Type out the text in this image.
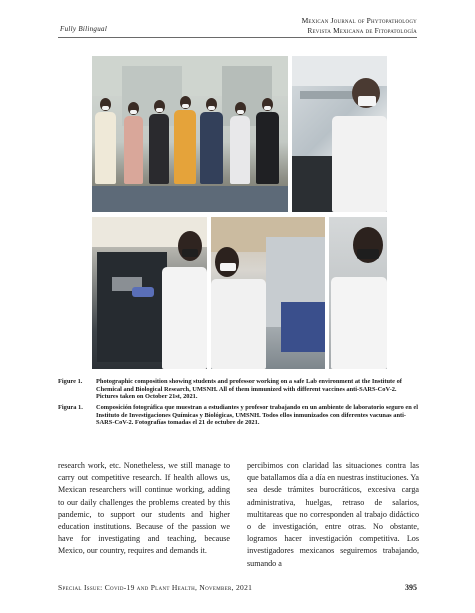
Fully Bilingual
Mexican Journal of Phytopathology
Revista Mexicana de Fitopatología
Figure 1.	Photographic composition showing students and professor working on a safe Lab environment at the Institute of Chemical and Biological Research, UMSNH. All of them immunized with different vaccines anti-SARS-CoV-2. Pictures taken on October 21st, 2021.
Figura 1.	Composición fotográfica que muestran a estudiantes y profesor trabajando en un ambiente de laboratorio seguro en el Instituto de Investigaciones Químicas y Biológicas, UMSNH. Todos ellos inmunizados con diferentes vacunas anti-SARS-CoV-2. Fotografías tomadas el 21 de octubre de 2021.

research work, etc. Nonetheless, we still manage to carry out competitive research. If health allows us, Mexican researchers will continue working, adding to our daily challenges the problems created by this pandemic, to support our students and higher education institutions. Because of the passion we have for investigating and teaching, because Mexico, our country, requires and demands it.

percibimos con claridad las situaciones contra las que batallamos día a día en nuestras instituciones. Ya sea desde trámites burocráticos, excesiva carga administrativa, huelgas, retraso de salarios, multitareas que no corresponden al trabajo didáctico o de investigación, entre otras. No obstante, logramos hacer investigación competitiva. Los investigadores mexicanos seguiremos trabajando, sumando a

Special Issue: Covid-19 and Plant Health, November, 2021	395
